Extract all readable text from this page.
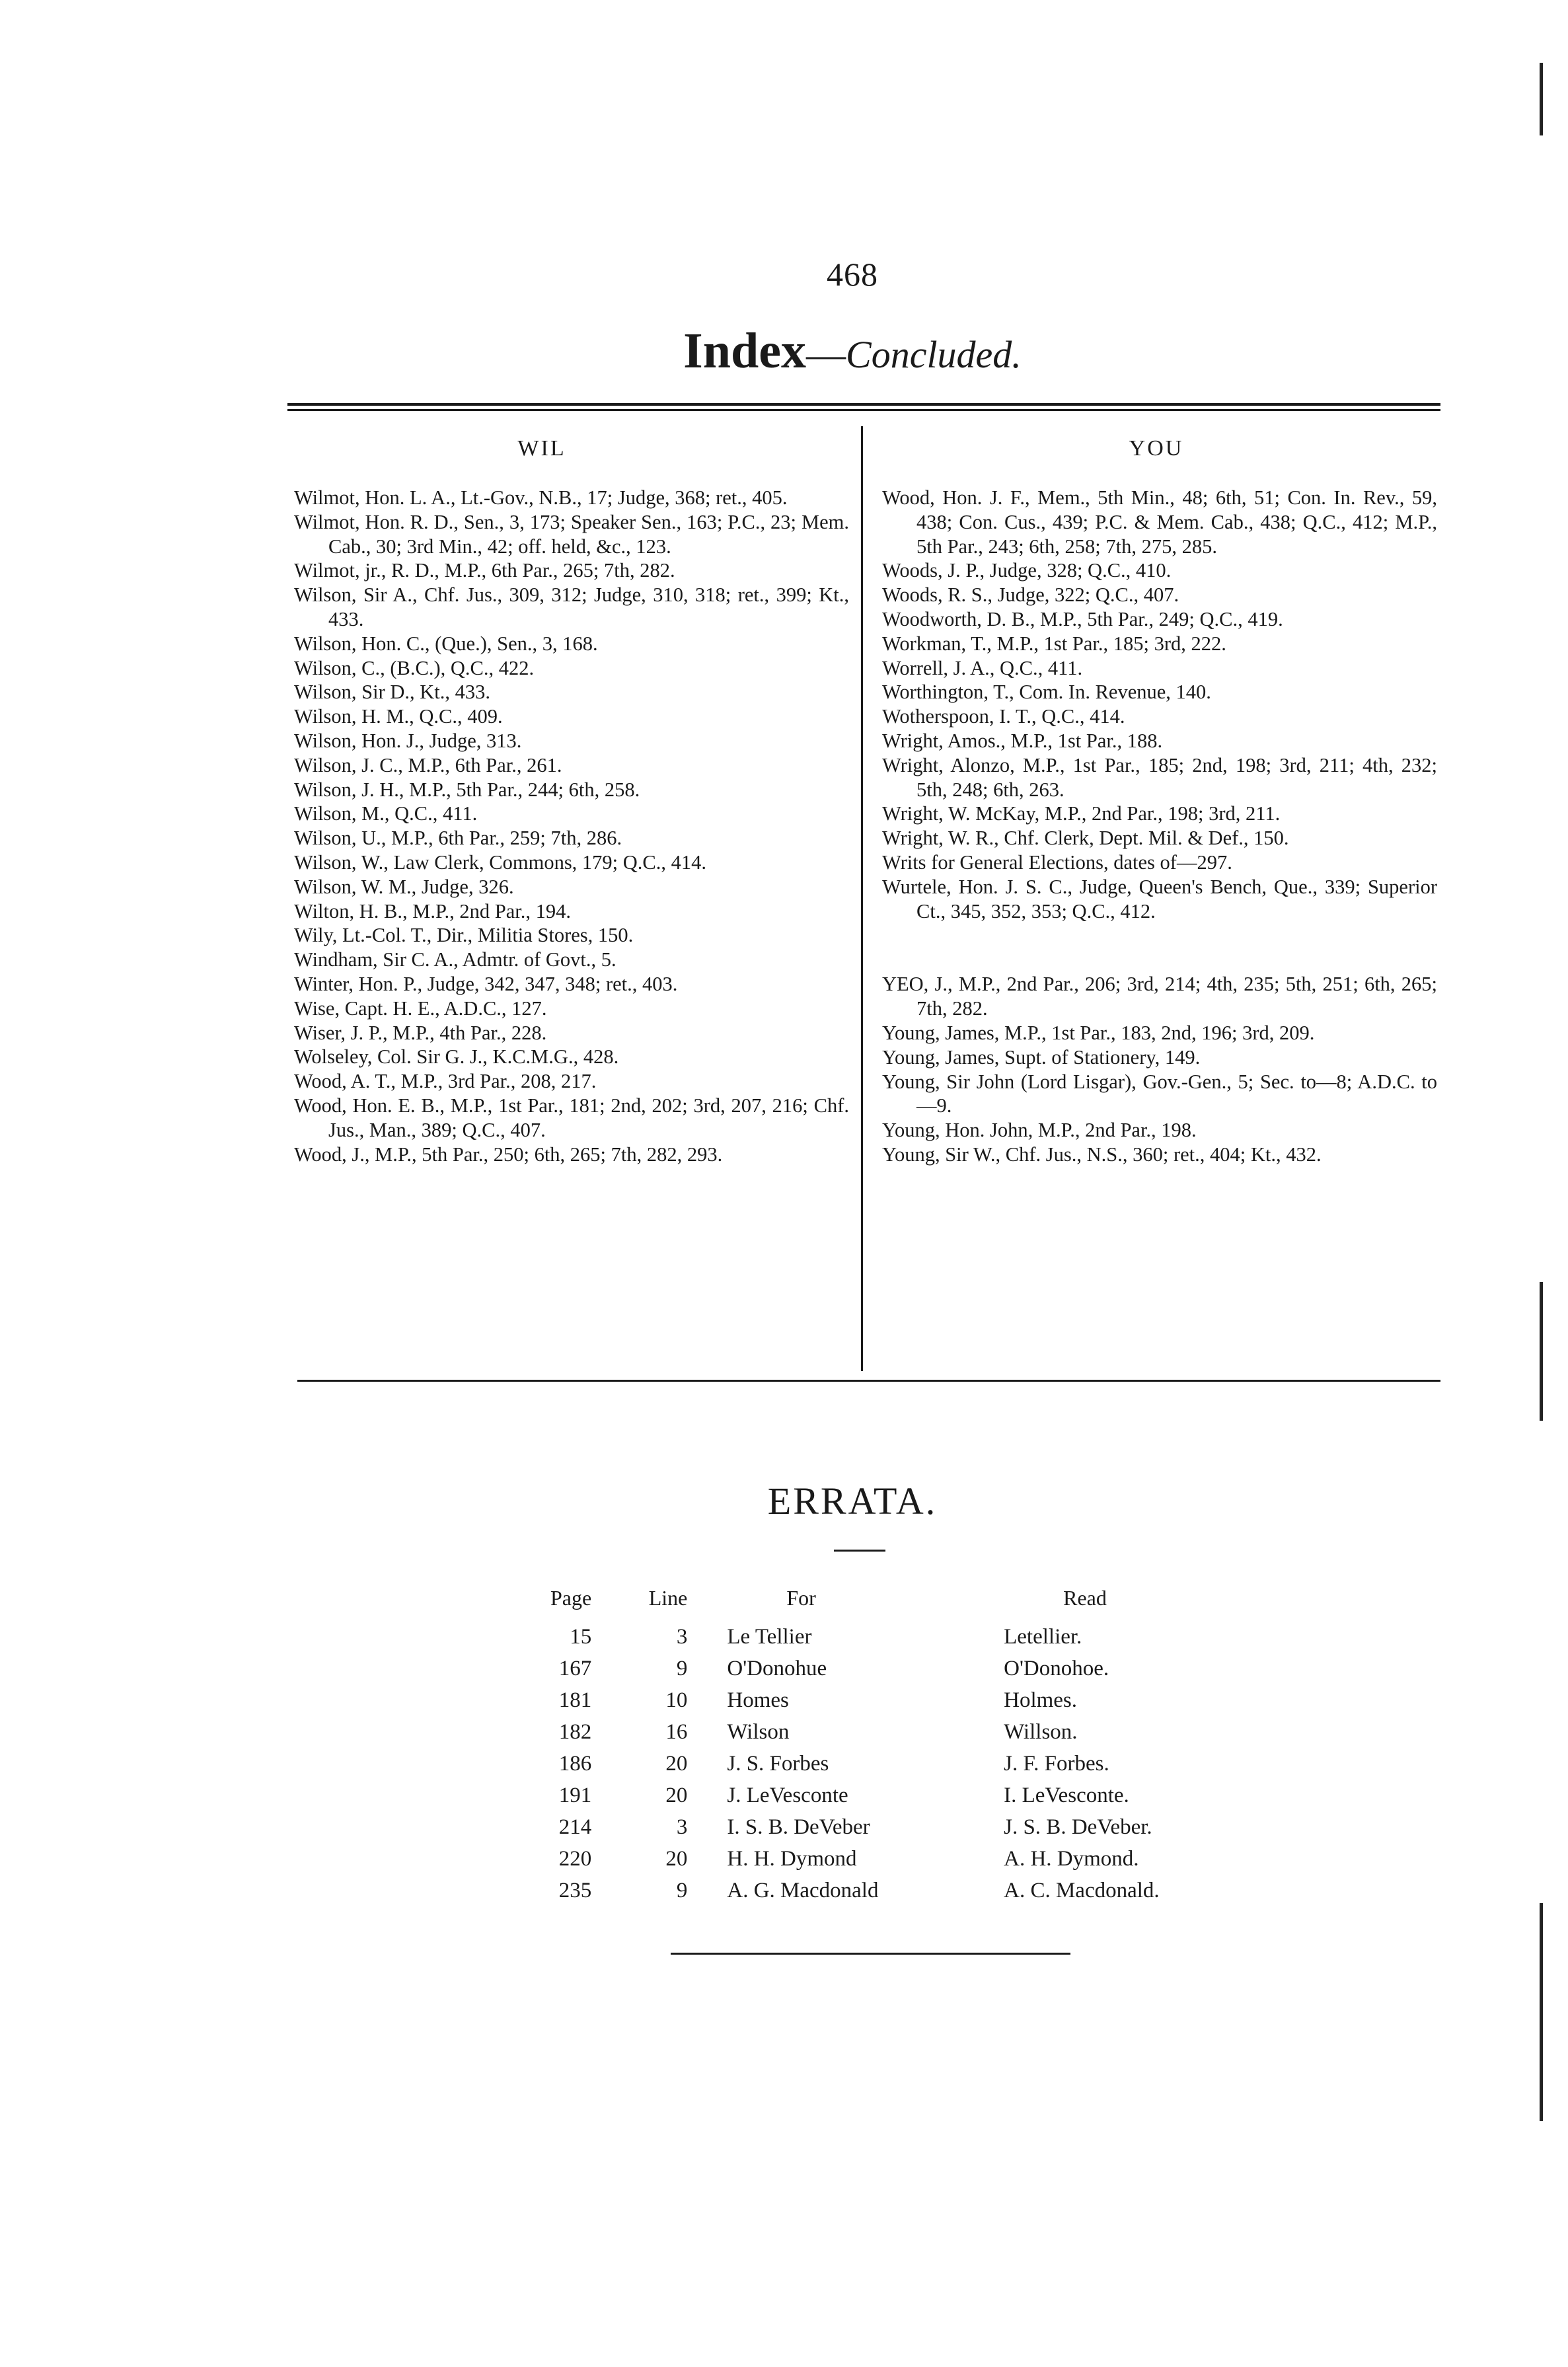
468
Index—Concluded.
WIL	YOU

Wilmot, Hon. L. A., Lt.-Gov., N.B., 17; Judge, 368; ret., 405.

Wilmot, Hon. R. D., Sen., 3, 173; Speaker Sen., 163; P.C., 23; Mem. Cab., 30; 3rd Min., 42; off. held, &c., 123.

Wilmot, jr., R. D., M.P., 6th Par., 265; 7th, 282.

Wilson, Sir A., Chf. Jus., 309, 312; Judge, 310, 318; ret., 399; Kt., 433.

Wilson, Hon. C., (Que.), Sen., 3, 168.

Wilson, C., (B.C.), Q.C., 422.

Wilson, Sir D., Kt., 433.

Wilson, H. M., Q.C., 409.

Wilson, Hon. J., Judge, 313.

Wilson, J. C., M.P., 6th Par., 261.

Wilson, J. H., M.P., 5th Par., 244; 6th, 258.

Wilson, M., Q.C., 411.

Wilson, U., M.P., 6th Par., 259; 7th, 286.

Wilson, W., Law Clerk, Commons, 179; Q.C., 414.

Wilson, W. M., Judge, 326.

Wilton, H. B., M.P., 2nd Par., 194.

Wily, Lt.-Col. T., Dir., Militia Stores, 150.

Windham, Sir C. A., Admtr. of Govt., 5.

Winter, Hon. P., Judge, 342, 347, 348; ret., 403.

Wise, Capt. H. E., A.D.C., 127.

Wiser, J. P., M.P., 4th Par., 228.

Wolseley, Col. Sir G. J., K.C.M.G., 428.

Wood, A. T., M.P., 3rd Par., 208, 217.

Wood, Hon. E. B., M.P., 1st Par., 181; 2nd, 202; 3rd, 207, 216; Chf. Jus., Man., 389; Q.C., 407.

Wood, J., M.P., 5th Par., 250; 6th, 265; 7th, 282, 293.

Wood, Hon. J. F., Mem., 5th Min., 48; 6th, 51; Con. In. Rev., 59, 438; Con. Cus., 439; P.C. & Mem. Cab., 438; Q.C., 412; M.P., 5th Par., 243; 6th, 258; 7th, 275, 285.

Woods, J. P., Judge, 328; Q.C., 410.

Woods, R. S., Judge, 322; Q.C., 407.

Woodworth, D. B., M.P., 5th Par., 249; Q.C., 419.

Workman, T., M.P., 1st Par., 185; 3rd, 222.

Worrell, J. A., Q.C., 411.

Worthington, T., Com. In. Revenue, 140.

Wotherspoon, I. T., Q.C., 414.

Wright, Amos., M.P., 1st Par., 188.

Wright, Alonzo, M.P., 1st Par., 185; 2nd, 198; 3rd, 211; 4th, 232; 5th, 248; 6th, 263.

Wright, W. McKay, M.P., 2nd Par., 198; 3rd, 211.

Wright, W. R., Chf. Clerk, Dept. Mil. & Def., 150.

Writs for General Elections, dates of—297.

Wurtele, Hon. J. S. C., Judge, Queen's Bench, Que., 339; Superior Ct., 345, 352, 353; Q.C., 412.

YEO, J., M.P., 2nd Par., 206; 3rd, 214; 4th, 235; 5th, 251; 6th, 265; 7th, 282.

Young, James, M.P., 1st Par., 183, 2nd, 196; 3rd, 209.

Young, James, Supt. of Stationery, 149.

Young, Sir John (Lord Lisgar), Gov.-Gen., 5; Sec. to—8; A.D.C. to—9.

Young, Hon. John, M.P., 2nd Par., 198.

Young, Sir W., Chf. Jus., N.S., 360; ret., 404; Kt., 432.

ERRATA.
Page	Line	For	Read
15	3	Le Tellier	Letellier.
167	9	O'Donohue	O'Donohoe.
181	10	Homes	Holmes.
182	16	Wilson	Willson.
186	20	J. S. Forbes	J. F. Forbes.
191	20	J. LeVesconte	I. LeVesconte.
214	3	I. S. B. DeVeber	J. S. B. DeVeber.
220	20	H. H. Dymond	A. H. Dymond.
235	9	A. G. Macdonald	A. C. Macdonald.
